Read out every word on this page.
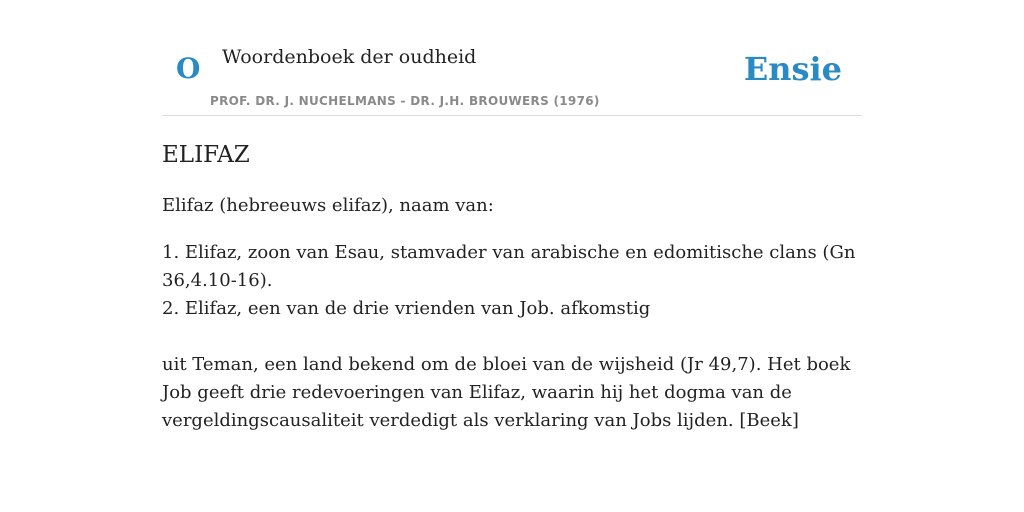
O Woordenboek der oudheid
PROF. DR. J. NUCHELMANS - DR. J.H. BROUWERS (1976)
Ensie
ELIFAZ

Elifaz (hebreeuws elifaz), naam van:

1. Elifaz, zoon van Esau, stamvader van arabische en edomitische clans (Gn 36,4.10-16).

2. Elifaz, een van de drie vrienden van Job. afkomstig

uit Teman, een land bekend om de bloei van de wijsheid (Jr 49,7). Het boek Job geeft drie redevoeringen van Elifaz, waarin hij het dogma van de vergeldingscausaliteit verdedigt als verklaring van Jobs lijden. [Beek]
